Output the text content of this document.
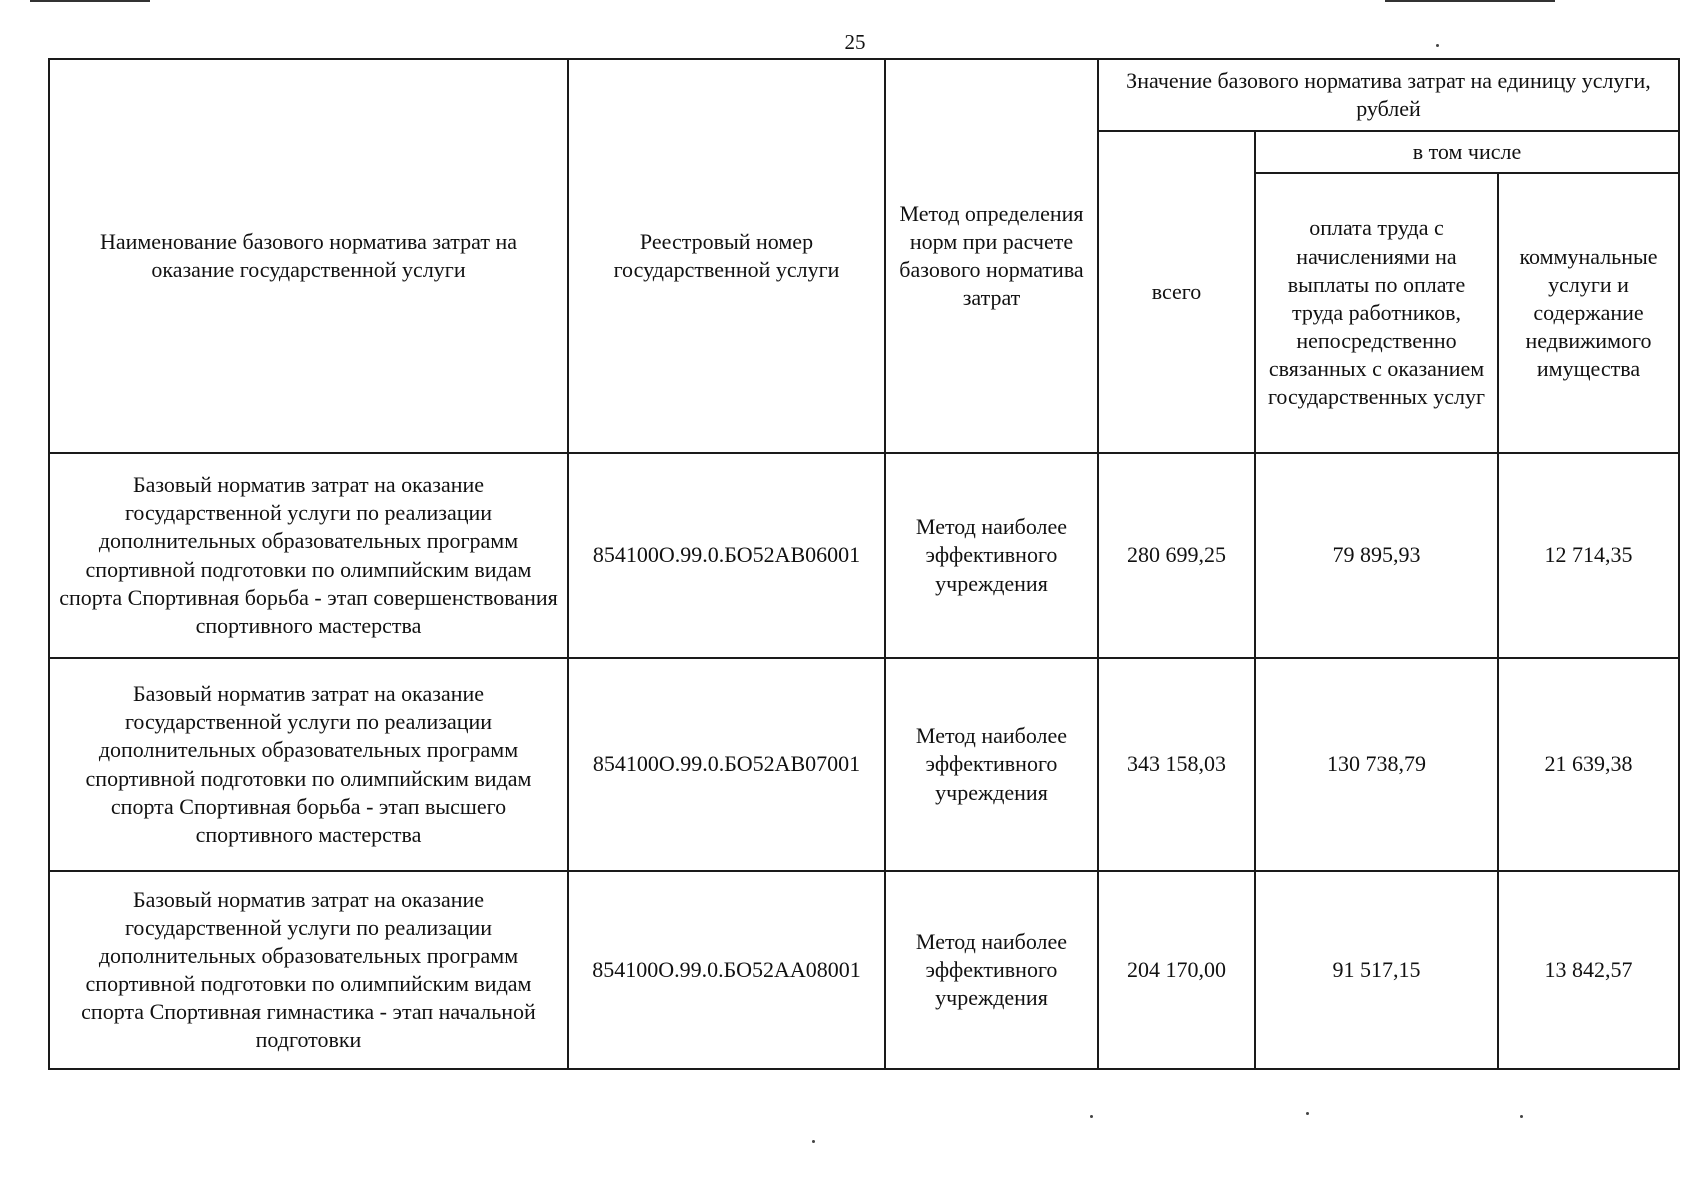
25
Наименование базового норматива затрат на оказание государственной услуги	Реестровый номер государственной услуги	Метод определения норм при расчете базового норматива затрат	Значение базового норматива затрат на единицу услуги, рублей		
			всего	в том числе	
				оплата труда с начислениями на выплаты по оплате труда работников, непосредственно связанных с оказанием государственных услуг	коммунальные услуги и содержание недвижимого имущества
Базовый норматив затрат на оказание государственной услуги по реализации дополнительных образовательных программ спортивной подготовки по олимпийским видам спорта Спортивная борьба - этап совершенствования спортивного мастерства	854100О.99.0.БО52АВ06001	Метод наиболее эффективного учреждения	280 699,25	79 895,93	12 714,35
Базовый норматив затрат на оказание государственной услуги по реализации дополнительных образовательных программ спортивной подготовки по олимпийским видам спорта Спортивная борьба - этап высшего спортивного мастерства	854100О.99.0.БО52АВ07001	Метод наиболее эффективного учреждения	343 158,03	130 738,79	21 639,38
Базовый норматив затрат на оказание государственной услуги по реализации дополнительных образовательных программ спортивной подготовки по олимпийским видам спорта Спортивная гимнастика - этап начальной подготовки	854100О.99.0.БО52АА08001	Метод наиболее эффективного учреждения	204 170,00	91 517,15	13 842,57
